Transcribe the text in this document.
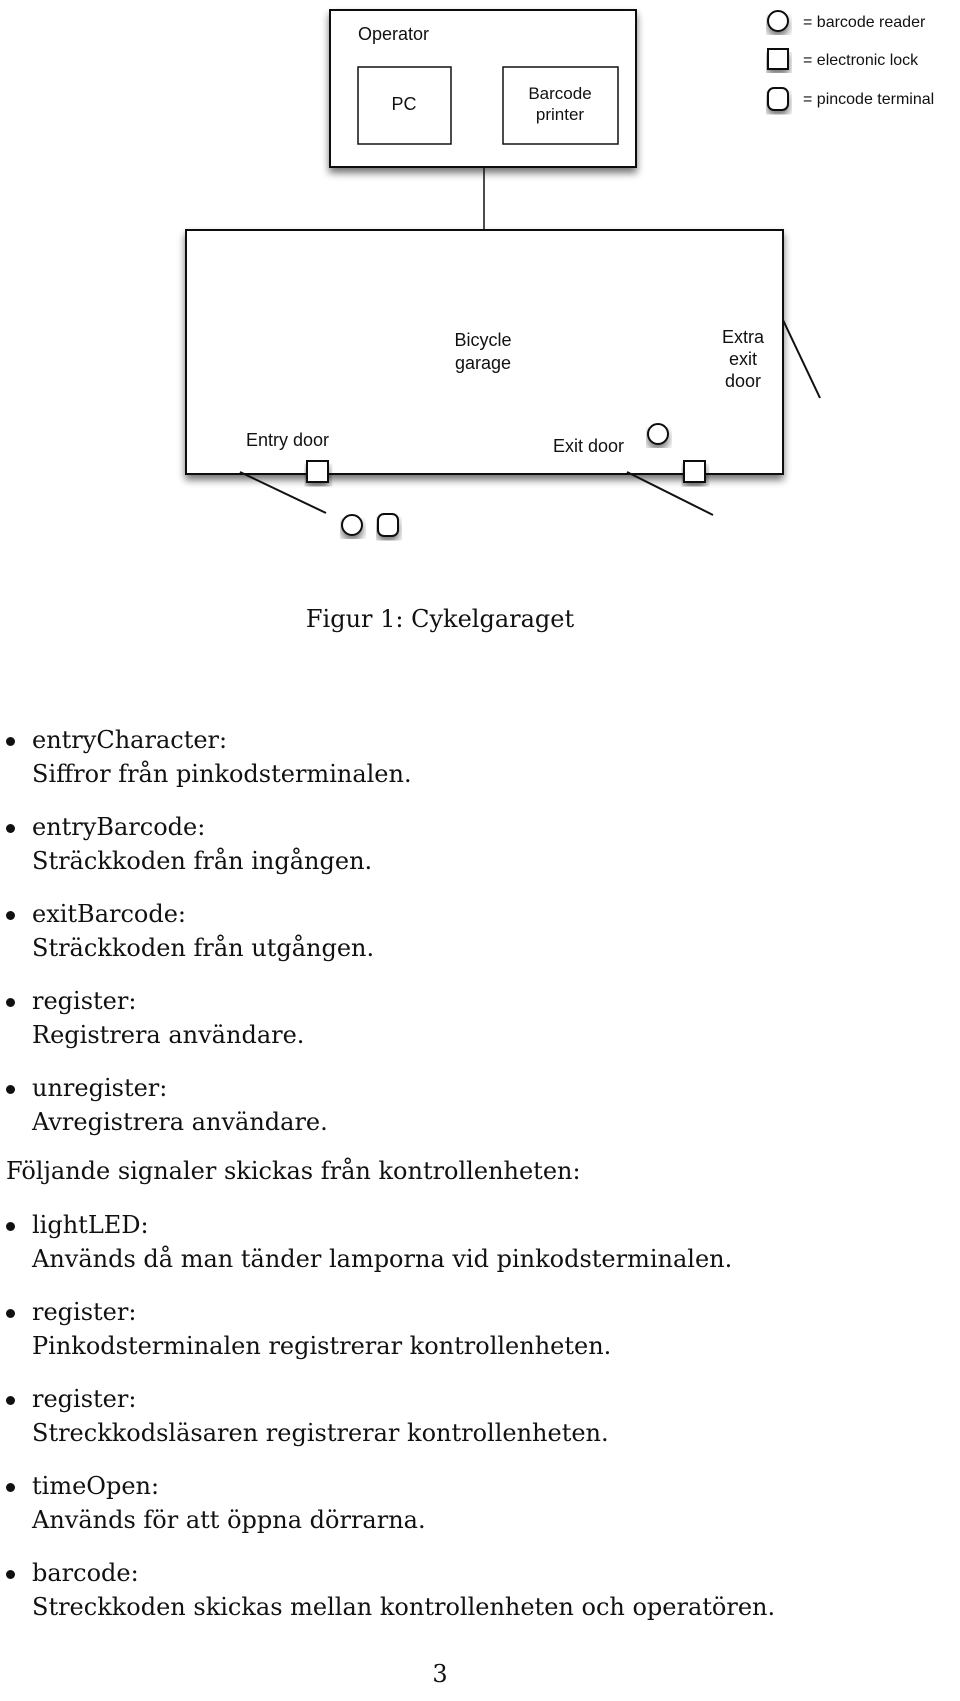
Operator
PC
Barcode
printer
= barcode reader
= electronic lock
= pincode terminal
Bicycle
garage
Extra
exit
door
Entry door	Exit door
Figur 1: Cykelgaraget
entryCharacter:
Siffror från pinkodsterminalen.
entryBarcode:
Sträckkoden från ingången.
exitBarcode:
Sträckkoden från utgången.
register:
Registrera användare.
unregister:
Avregistrera användare.
Följande signaler skickas från kontrollenheten:
lightLED:
Används då man tänder lamporna vid pinkodsterminalen.
register:
Pinkodsterminalen registrerar kontrollenheten.
register:
Streckkodsläsaren registrerar kontrollenheten.
timeOpen:
Används för att öppna dörrarna.
barcode:
Streckkoden skickas mellan kontrollenheten och operatören.
3
